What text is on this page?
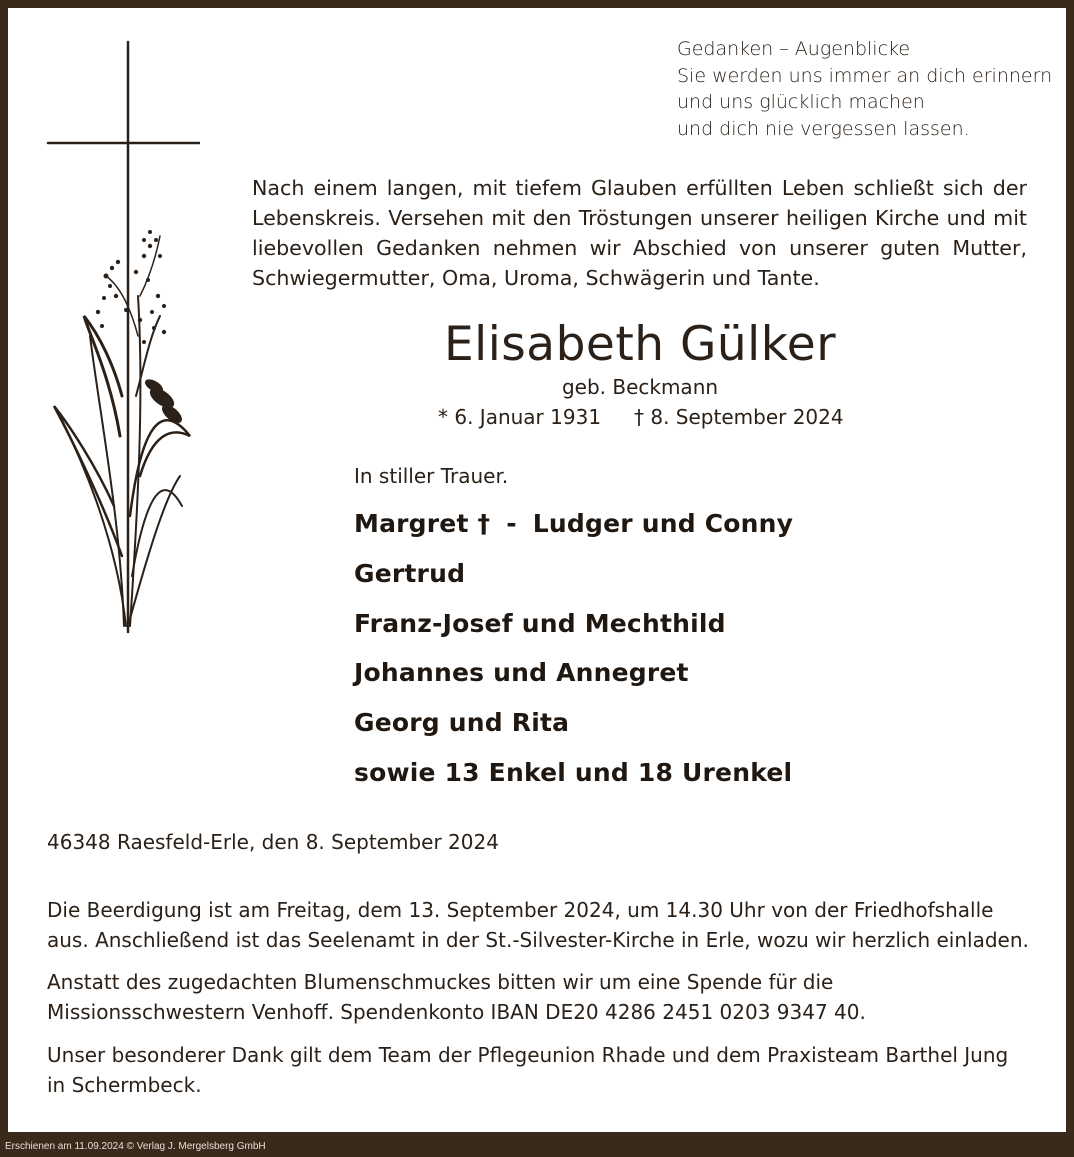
Gedanken – Augenblicke
Sie werden uns immer an dich erinnern
und uns glücklich machen
und dich nie vergessen lassen.
Nach einem langen, mit tiefem Glauben erfüllten Leben schließt sich der Lebenskreis. Versehen mit den Tröstungen unserer heiligen Kirche und mit liebevollen Gedanken nehmen wir Abschied von unserer guten Mutter, Schwiegermutter, Oma, Uroma, Schwägerin und Tante.
Elisabeth Gülker
geb. Beckmann
* 6. Januar 1931 † 8. September 2024
In stiller Trauer.
Margret † - Ludger und Conny
Gertrud
Franz-Josef und Mechthild
Johannes und Annegret
Georg und Rita
sowie 13 Enkel und 18 Urenkel
46348 Raesfeld-Erle, den 8. September 2024
Die Beerdigung ist am Freitag, dem 13. September 2024, um 14.30 Uhr von der Friedhofshalle aus. Anschließend ist das Seelenamt in der St.-Silvester-Kirche in Erle, wozu wir herzlich einladen.
Anstatt des zugedachten Blumenschmuckes bitten wir um eine Spende für die Missionsschwestern Venhoff. Spendenkonto IBAN DE20 4286 2451 0203 9347 40.
Unser besonderer Dank gilt dem Team der Pflegeunion Rhade und dem Praxisteam Barthel Jung in Schermbeck.
Erschienen am 11.09.2024 © Verlag J. Mergelsberg GmbH
